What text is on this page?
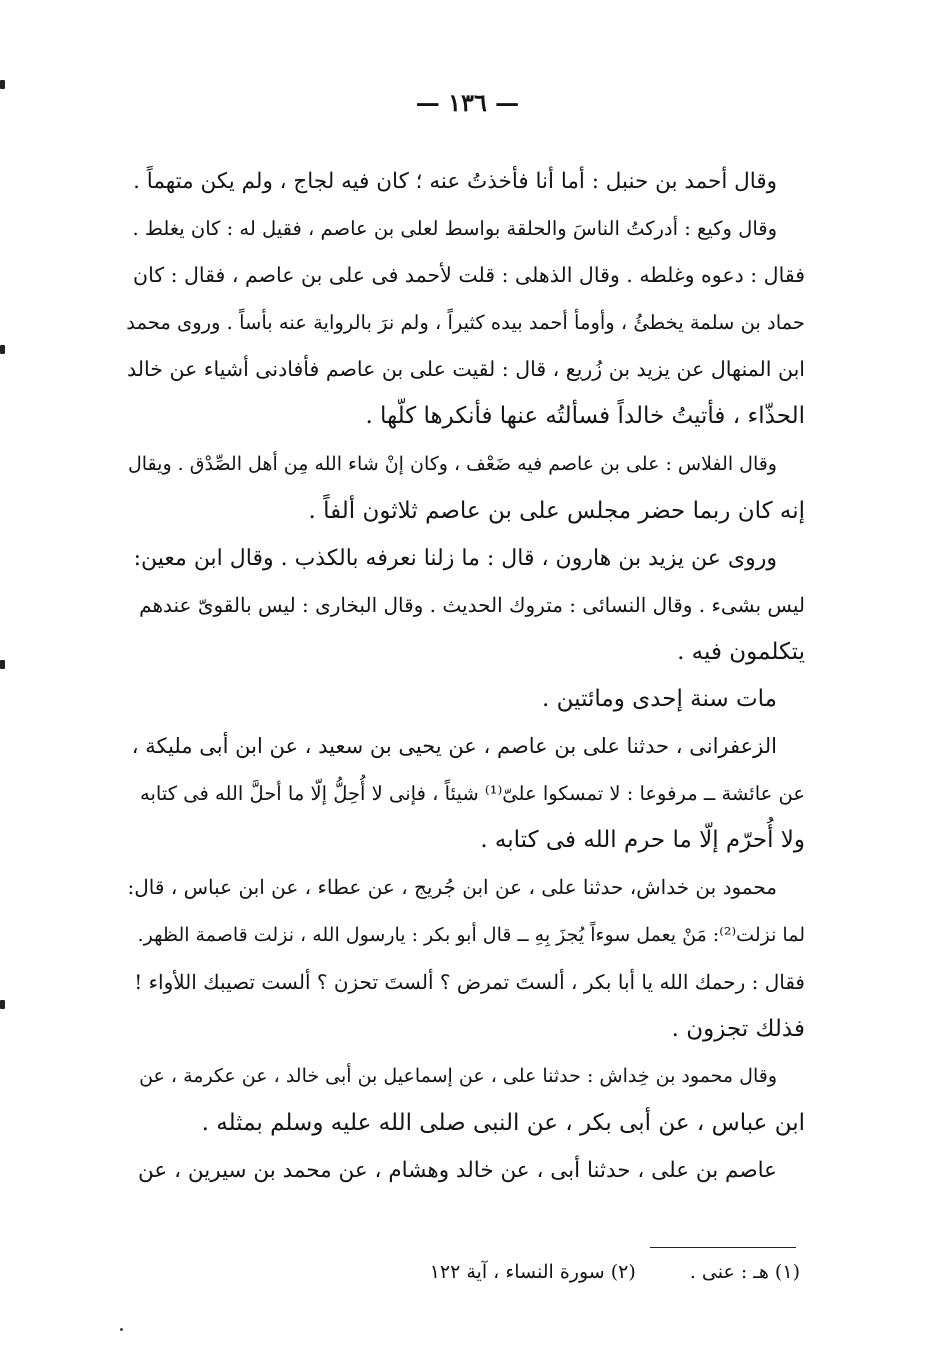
— ١٣٦ —
وقال أحمد بن حنبل : أما أنا فأخذتُ عنه ؛ كان فيه لجاج ، ولم يكن متهماً .
وقال وكيع : أدركتُ الناسَ والحلقة بواسط لعلى بن عاصم ، فقيل له : كان يغلط .
فقال : دعوه وغلطه . وقال الذهلى : قلت لأحمد فى على بن عاصم ، فقال : كان
حماد بن سلمة يخطئُ ، وأومأ أحمد بيده كثيراً ، ولم نرَ بالرواية عنه بأساً . وروى محمد
ابن المنهال عن يزيد بن زُريع ، قال : لقيت على بن عاصم فأفادنى أشياء عن خالد
الحذّاء ، فأتيتُ خالداً فسألتُه عنها فأنكرها كلّها .
وقال الفلاس : على بن عاصم فيه ضَعْف ، وكان إنْ شاء الله مِن أهل الصِّدْق . ويقال
إنه كان ربما حضر مجلس على بن عاصم ثلاثون ألفاً .
وروى عن يزيد بن هارون ، قال : ما زلنا نعرفه بالكذب . وقال ابن معين:
ليس بشىء . وقال النسائى : متروك الحديث . وقال البخارى : ليس بالقوىّ عندهم
يتكلمون فيه .
مات سنة إحدى ومائتين .
الزعفرانى ، حدثنا على بن عاصم ، عن يحيى بن سعيد ، عن ابن أبى مليكة ،
عن عائشة ــ مرفوعا : لا تمسكوا علىّ⁽¹⁾ شيئاً ، فإنى لا أُحِلُّ إلّا ما أحلَّ الله فى كتابه
ولا أُحرّم إلّا ما حرم الله فى كتابه .
محمود بن خداش، حدثنا على ، عن ابن جُريج ، عن عطاء ، عن ابن عباس ، قال:
لما نزلت⁽²⁾: مَنْ يعمل سوءاً يُجزَ بِهِ ــ قال أبو بكر : يارسول الله ، نزلت قاصمة الظهر.
فقال : رحمك الله يا أبا بكر ، ألستَ تمرض ؟ ألستَ تحزن ؟ ألست تصيبك اللأواء !
فذلك تجزون .
وقال محمود بن خِداش : حدثنا على ، عن إسماعيل بن أبى خالد ، عن عكرمة ، عن
ابن عباس ، عن أبى بكر ، عن النبى صلى الله عليه وسلم بمثله .
عاصم بن على ، حدثنا أبى ، عن خالد وهشام ، عن محمد بن سيرين ، عن
(١) هـ : عنى . (٢) سورة النساء ، آية ١٢٢
